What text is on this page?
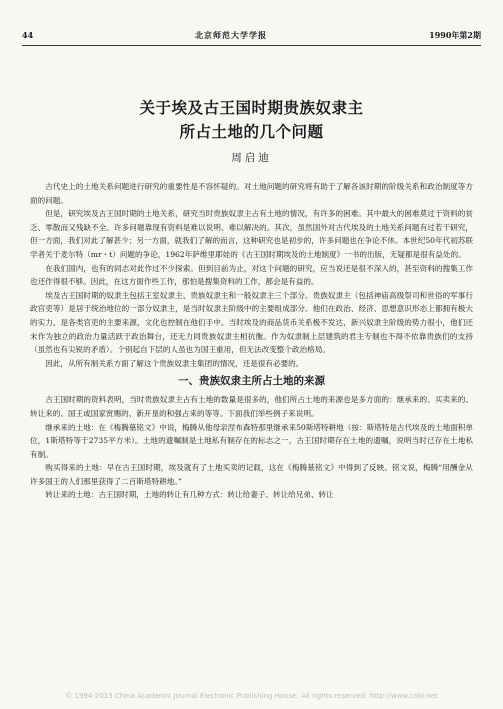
44	北京师范大学学报	1990年第2期
关于埃及古王国时期贵族奴隶主
所占土地的几个问题
周启迪

古代史上的土地关系问题进行研究的重要性是不容怀疑的。对土地问题的研究将有助于了解各该时期的阶级关系和政治制度等方面的问题。

但是，研究埃及古王国时期的土地关系，研究当时贵族奴隶主占有土地的情况，有许多的困难。其中最大的困难莫过于资料的贫乏、零散而又残缺不全。许多问题靠现有资料是难以说明、难以解决的。其次，虽然国外对古代埃及的土地关系问题有过若干研究，但一方面，我们对此了解甚少；另一方面，就我们了解的而言，这种研究也是初步的，许多问题也在争论不休。本世纪50年代初苏联学者关于麦尔特（mr・t）问题的争论，1962年萨维里耶娃的《古王国时期埃及的土地制度》一书的出版，无疑都是很有益处的。

在我们国内，也有的同志对此作过不少探索。但到目前为止，对这个问题的研究，应当说还是很不深入的，甚至资料的搜集工作也还作得很不够。因此，在这方面作些工作，那怕是搜集资料的工作，都会是有益的。

埃及古王国时期的奴隶主包括王室奴隶主、贵族奴隶主和一般奴隶主三个部分。贵族奴隶主（包括神庙高级祭司和世俗的军事行政官吏等）是居于统治地位的一部分奴隶主，是当时奴隶主阶级中的主要组成部分。他们在政治、经济、思想意识形态上都拥有极大的实力，是各类官吏的主要来源，文化也控制在他们手中。当时埃及的商品货币关系极不发达，新兴奴隶主阶级的势力很小，他们还未作为独立的政治力量活跃于政治舞台，还无力同贵族奴隶主相抗衡。作为奴隶制上层建筑的君主专制也不得不依靠贵族们的支持（虽然也有尖锐的矛盾）。个别起自下层的人虽也为国王重用，但无法改变整个政治格局。

因此，从所有制关系方面了解这个贵族奴隶主集团的情况，还是很有必要的。

一、贵族奴隶主所占土地的来源

古王国时期的资料表明，当时贵族奴隶主占有土地的数量是很多的，他们所占土地的来源也是多方面的：继承来的、买卖来的、转让来的、国王或国家赏赐的、新开垦的和强占来的等等。下面我们举些例子来说明。

继承来的土地：在《梅腾墓铭文》中说，梅腾从他母亲涅布森特那里继承来50斯塔特耕地（按：斯塔特是古代埃及的土地面积单位，1斯塔特等于2735平方米）。土地的遗嘱制是土地私有制存在的标志之一，古王国时期存在土地的遗嘱，说明当时已存在土地私有制。

购买得来的土地：早在古王国时期，埃及就有了土地买卖的记载，这在《梅腾墓铭文》中得到了反映。铭文说，梅腾“用酬金从许多国王的人们那里获得了二百斯塔特耕地。”

转让来的土地：古王国时期，土地的转让有几种方式：转让给妻子、转让给兄弟、转让

© 1994-2013 China Academic Journal Electronic Publishing House. All rights reserved. http://www.cnki.net
